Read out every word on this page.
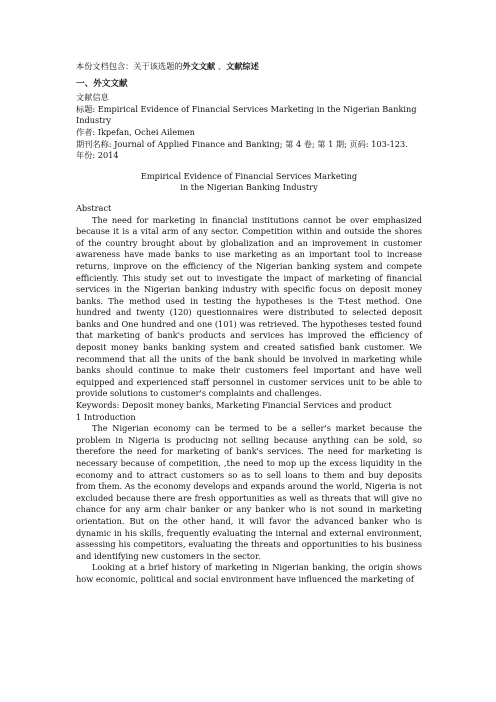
本份文档包含：关于该选题的外文文献 、文献综述

一、外文文献

文献信息

标题: Empirical Evidence of Financial Services Marketing in the Nigerian Banking Industry

作者: Ikpefan, Ochei Ailemen

期刊名称: Journal of Applied Finance and Banking; 第 4 卷; 第 1 期; 页码: 103-123.

年份: 2014

Empirical Evidence of Financial Services Marketing

in the Nigerian Banking Industry

Abstract

The need for marketing in financial institutions cannot be over emphasized because it is a vital arm of any sector. Competition within and outside the shores of the country brought about by globalization and an improvement in customer awareness have made banks to use marketing as an important tool to increase returns, improve on the efficiency of the Nigerian banking system and compete efficiently. This study set out to investigate the impact of marketing of financial services in the Nigerian banking industry with specific focus on deposit money banks. The method used in testing the hypotheses is the T-test method. One hundred and twenty (120) questionnaires were distributed to selected deposit banks and One hundred and one (101) was retrieved. The hypotheses tested found that marketing of bank's products and services has improved the efficiency of deposit money banks banking system and created satisfied bank customer. We recommend that all the units of the bank should be involved in marketing while banks should continue to make their customers feel important and have well equipped and experienced staff personnel in customer services unit to be able to provide solutions to customer's complaints and challenges.

Keywords: Deposit money banks, Marketing Financial Services and product

1 Introduction

The Nigerian economy can be termed to be a seller's market because the problem in Nigeria is producing not selling because anything can be sold, so therefore the need for marketing of bank's services. The need for marketing is necessary because of competition, ,the need to mop up the excess liquidity in the economy and to attract customers so as to sell loans to them and buy deposits from them. As the economy develops and expands around the world, Nigeria is not excluded because there are fresh opportunities as well as threats that will give no chance for any arm chair banker or any banker who is not sound in marketing orientation. But on the other hand, it will favor the advanced banker who is dynamic in his skills, frequently evaluating the internal and external environment, assessing his competitors, evaluating the threats and opportunities to his business and identifying new customers in the sector.

Looking at a brief history of marketing in Nigerian banking, the origin shows how economic, political and social environment have influenced the marketing of
